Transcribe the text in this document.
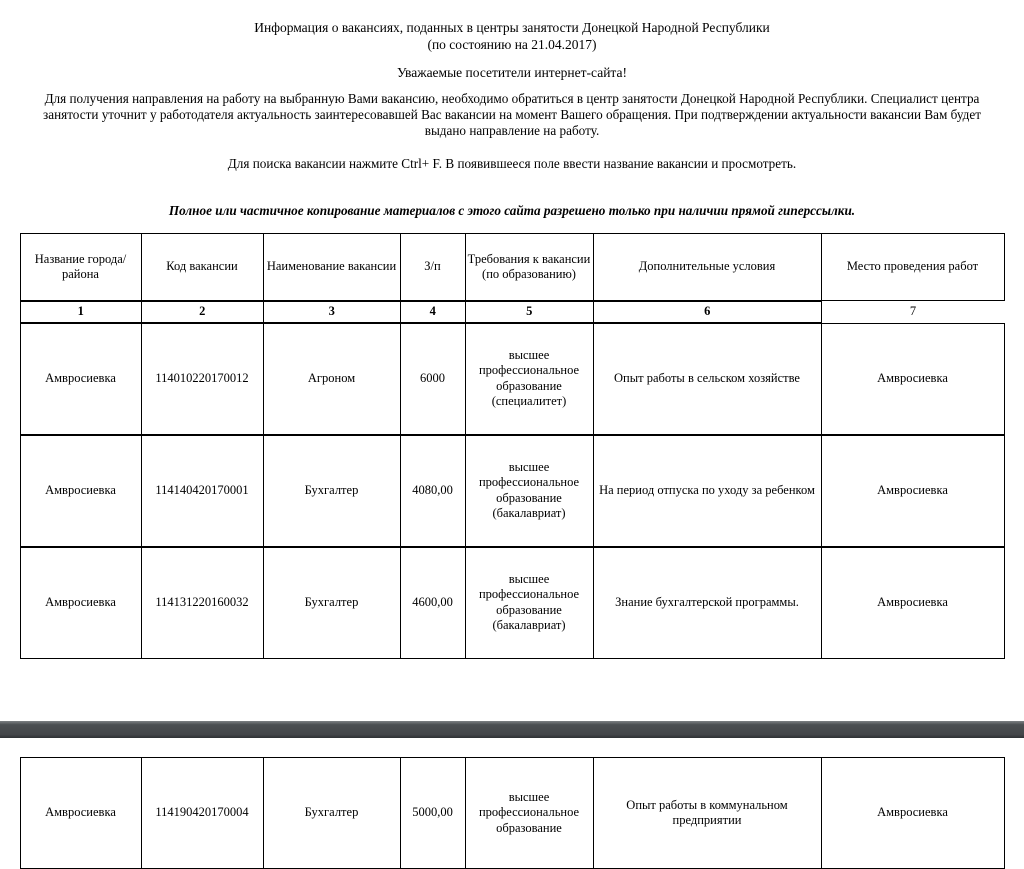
Информация о вакансиях, поданных в центры занятости Донецкой Народной Республики
(по состоянию на 21.04.2017)

Уважаемые посетители интернет-сайта!

Для получения направления на работу на выбранную Вами вакансию, необходимо обратиться в центр занятости Донецкой Народной Республики. Специалист центра занятости уточнит у работодателя актуальность заинтересовавшей Вас вакансии на момент Вашего обращения. При подтверждении актуальности вакансии Вам будет выдано направление на работу.

Для поиска вакансии нажмите Ctrl+ F. В появившееся поле ввести название вакансии и просмотреть.

Полное или частичное копирование материалов с этого сайта разрешено только при наличии прямой гиперссылки.

Название города/района	Код вакансии	Наименование вакансии	З/п	Требования к вакансии (по образованию)	Дополнительные условия	Место проведения работ
1	2	3	4	5	6	7
Амвросиевка	114010220170012	Агроном	6000	высшее профессиональное образование (специалитет)	Опыт работы в сельском хозяйстве	Амвросиевка
Амвросиевка	114140420170001	Бухгалтер	4080,00	высшее профессиональное образование (бакалавриат)	На период отпуска по уходу за ребенком	Амвросиевка
Амвросиевка	114131220160032	Бухгалтер	4600,00	высшее профессиональное образование (бакалавриат)	Знание бухгалтерской программы.	Амвросиевка
Амвросиевка	114190420170004	Бухгалтер	5000,00	высшее профессиональное образование	Опыт работы в коммунальном предприятии	Амвросиевка
